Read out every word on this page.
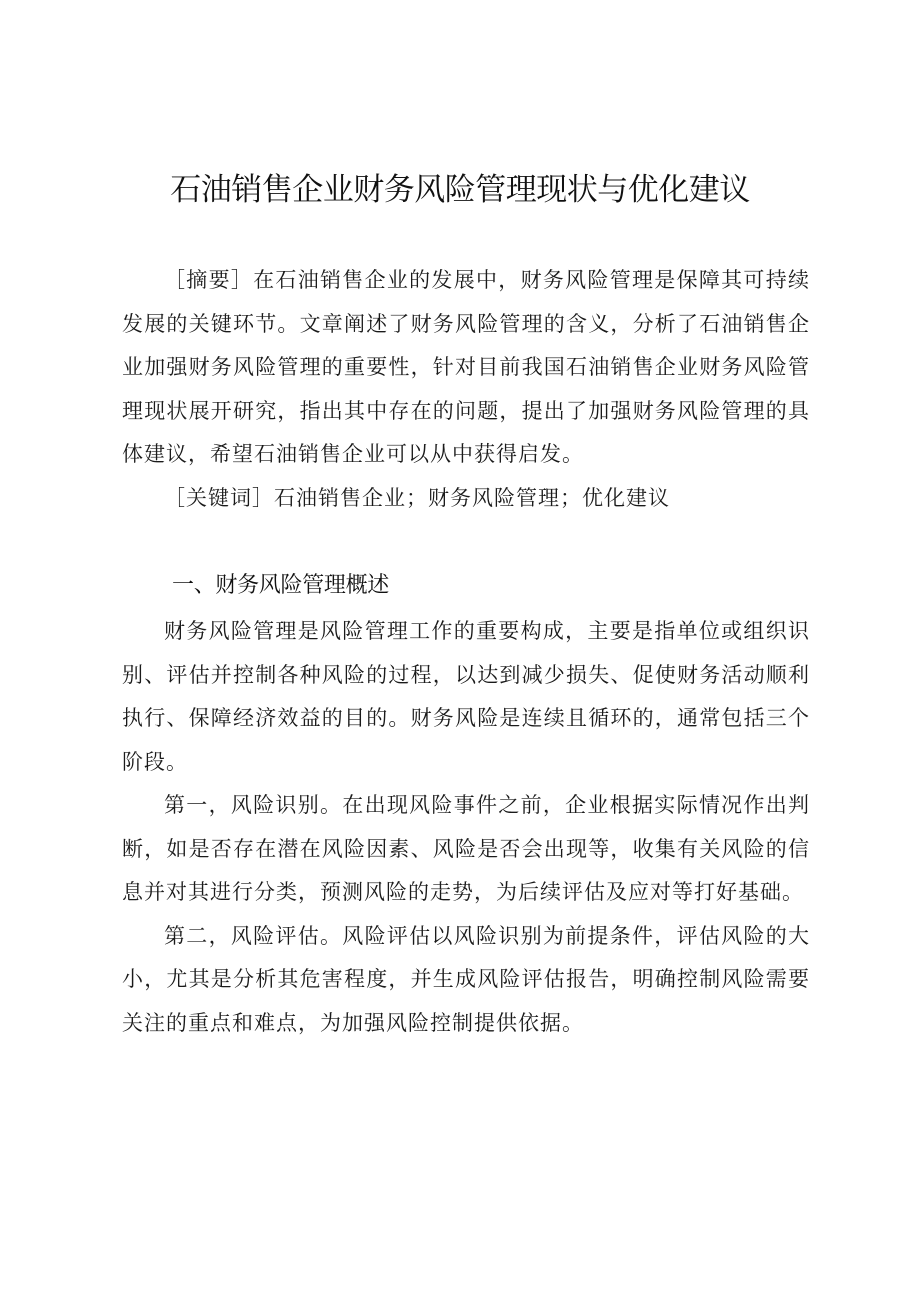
石油销售企业财务风险管理现状与优化建议

［摘要］在石油销售企业的发展中，财务风险管理是保障其可持续发展的关键环节。文章阐述了财务风险管理的含义，分析了石油销售企业加强财务风险管理的重要性，针对目前我国石油销售企业财务风险管理现状展开研究，指出其中存在的问题，提出了加强财务风险管理的具体建议，希望石油销售企业可以从中获得启发。

［关键词］石油销售企业；财务风险管理；优化建议

一、财务风险管理概述

财务风险管理是风险管理工作的重要构成，主要是指单位或组织识别、评估并控制各种风险的过程，以达到减少损失、促使财务活动顺利执行、保障经济效益的目的。财务风险是连续且循环的，通常包括三个阶段。

第一，风险识别。在出现风险事件之前，企业根据实际情况作出判断，如是否存在潜在风险因素、风险是否会出现等，收集有关风险的信息并对其进行分类，预测风险的走势，为后续评估及应对等打好基础。

第二，风险评估。风险评估以风险识别为前提条件，评估风险的大小，尤其是分析其危害程度，并生成风险评估报告，明确控制风险需要关注的重点和难点，为加强风险控制提供依据。
